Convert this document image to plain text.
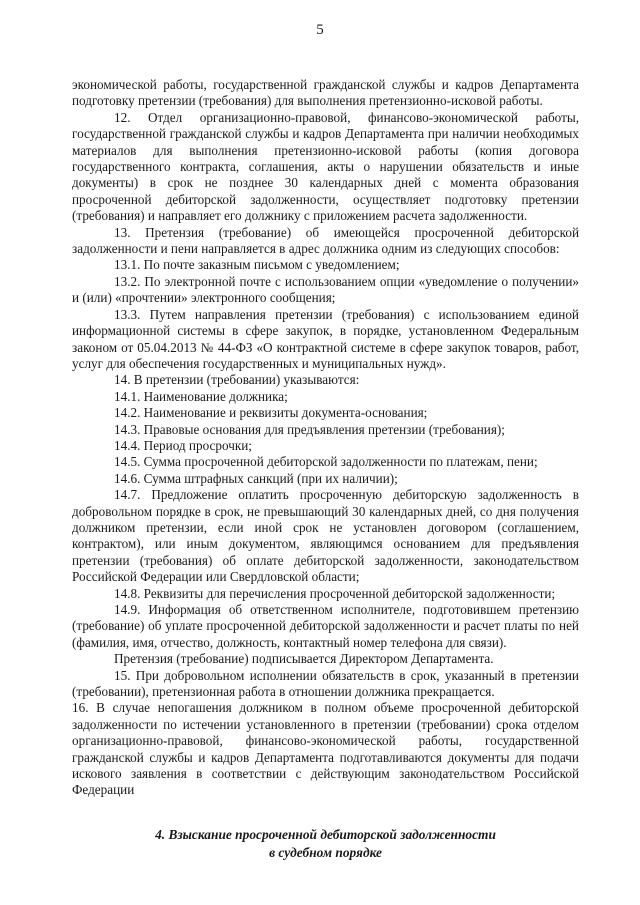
5

экономической работы, государственной гражданской службы и кадров Департамента подготовку претензии (требования) для выполнения претензионно-исковой работы.

12. Отдел организационно-правовой, финансово-экономической работы, государственной гражданской службы и кадров Департамента при наличии необходимых материалов для выполнения претензионно-исковой работы (копия договора государственного контракта, соглашения, акты о нарушении обязательств и иные документы) в срок не позднее 30 календарных дней с момента образования просроченной дебиторской задолженности, осуществляет подготовку претензии (требования) и направляет его должнику с приложением расчета задолженности.

13. Претензия (требование) об имеющейся просроченной дебиторской задолженности и пени направляется в адрес должника одним из следующих способов:

13.1. По почте заказным письмом с уведомлением;

13.2. По электронной почте с использованием опции «уведомление о получении» и (или) «прочтении» электронного сообщения;

13.3. Путем направления претензии (требования) с использованием единой информационной системы в сфере закупок, в порядке, установленном Федеральным законом от 05.04.2013 № 44-ФЗ «О контрактной системе в сфере закупок товаров, работ, услуг для обеспечения государственных и муниципальных нужд».

14. В претензии (требовании) указываются:

14.1. Наименование должника;

14.2. Наименование и реквизиты документа-основания;

14.3. Правовые основания для предъявления претензии (требования);

14.4. Период просрочки;

14.5. Сумма просроченной дебиторской задолженности по платежам, пени;

14.6. Сумма штрафных санкций (при их наличии);

14.7. Предложение оплатить просроченную дебиторскую задолженность в добровольном порядке в срок, не превышающий 30 календарных дней, со дня получения должником претензии, если иной срок не установлен договором (соглашением, контрактом), или иным документом, являющимся основанием для предъявления претензии (требования) об оплате дебиторской задолженности, законодательством Российской Федерации или Свердловской области;

14.8. Реквизиты для перечисления просроченной дебиторской задолженности;

14.9. Информация об ответственном исполнителе, подготовившем претензию (требование) об уплате просроченной дебиторской задолженности и расчет платы по ней (фамилия, имя, отчество, должность, контактный номер телефона для связи).

Претензия (требование) подписывается Директором Департамента.

15. При добровольном исполнении обязательств в срок, указанный в претензии (требовании), претензионная работа в отношении должника прекращается.

16. В случае непогашения должником в полном объеме просроченной дебиторской задолженности по истечении установленного в претензии (требовании) срока отделом организационно-правовой, финансово-экономической работы, государственной гражданской службы и кадров Департамента подготавливаются документы для подачи искового заявления в соответствии с действующим законодательством Российской Федерации

4. Взыскание просроченной дебиторской задолженности
в судебном порядке
